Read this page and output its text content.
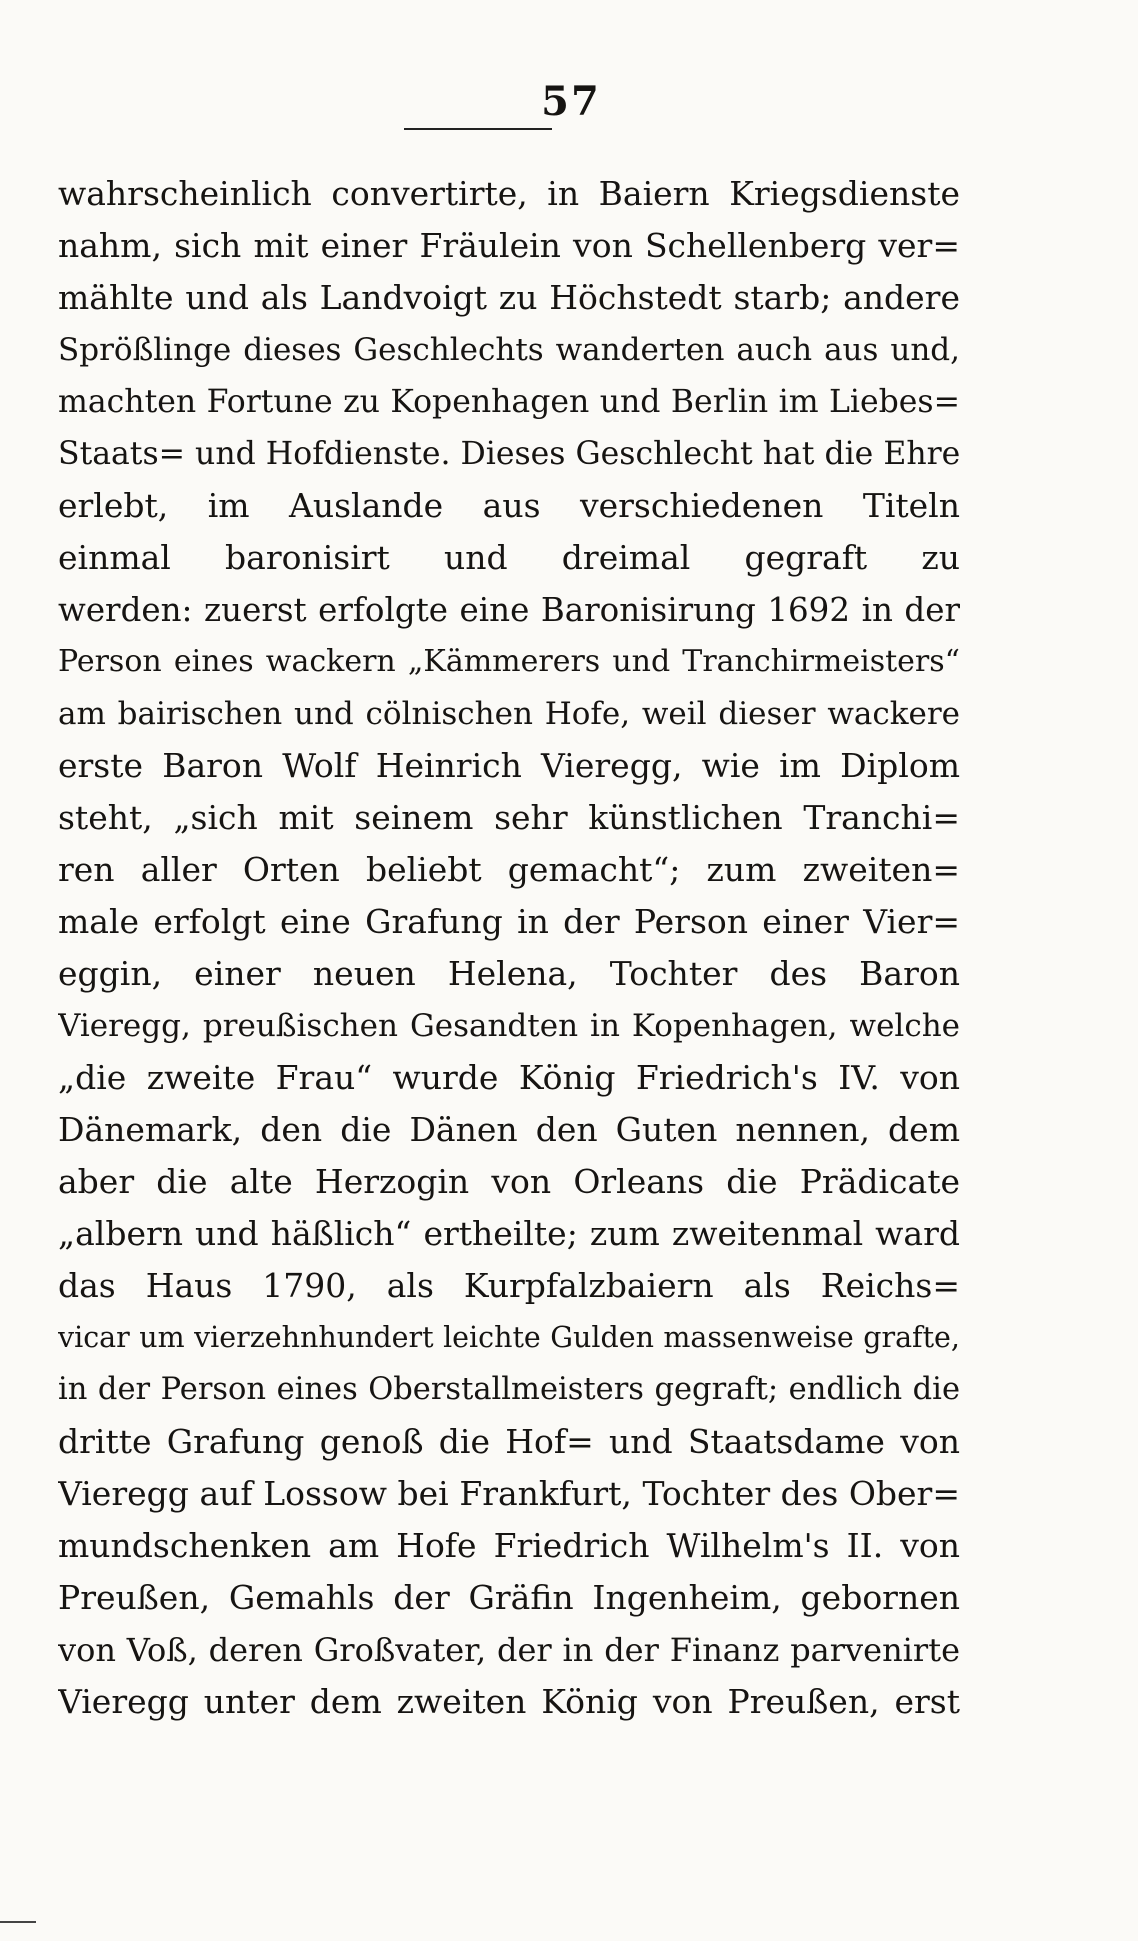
57
wahrscheinlich convertirte, in Baiern Kriegsdienste
nahm, sich mit einer Fräulein von Schellenberg ver=
mählte und als Landvoigt zu Höchstedt starb; andere
Sprößlinge dieses Geschlechts wanderten auch aus und,
machten Fortune zu Kopenhagen und Berlin im Liebes=
Staats= und Hofdienste. Dieses Geschlecht hat die Ehre
erlebt, im Auslande aus verschiedenen Titeln
einmal baronisirt und dreimal gegraft zu
werden: zuerst erfolgte eine Baronisirung 1692 in der
Person eines wackern „Kämmerers und Tranchirmeisters“
am bairischen und cölnischen Hofe, weil dieser wackere
erste Baron Wolf Heinrich Vieregg, wie im Diplom
steht, „sich mit seinem sehr künstlichen Tranchi=
ren aller Orten beliebt gemacht“; zum zweiten=
male erfolgt eine Grafung in der Person einer Vier=
eggin, einer neuen Helena, Tochter des Baron
Vieregg, preußischen Gesandten in Kopenhagen, welche
„die zweite Frau“ wurde König Friedrich's IV. von
Dänemark, den die Dänen den Guten nennen, dem
aber die alte Herzogin von Orleans die Prädicate
„albern und häßlich“ ertheilte; zum zweitenmal ward
das Haus 1790, als Kurpfalzbaiern als Reichs=
vicar um vierzehnhundert leichte Gulden massenweise grafte,
in der Person eines Oberstallmeisters gegraft; endlich die
dritte Grafung genoß die Hof= und Staatsdame von
Vieregg auf Lossow bei Frankfurt, Tochter des Ober=
mundschenken am Hofe Friedrich Wilhelm's II. von
Preußen, Gemahls der Gräfin Ingenheim, gebornen
von Voß, deren Großvater, der in der Finanz parvenirte
Vieregg unter dem zweiten König von Preußen, erst
